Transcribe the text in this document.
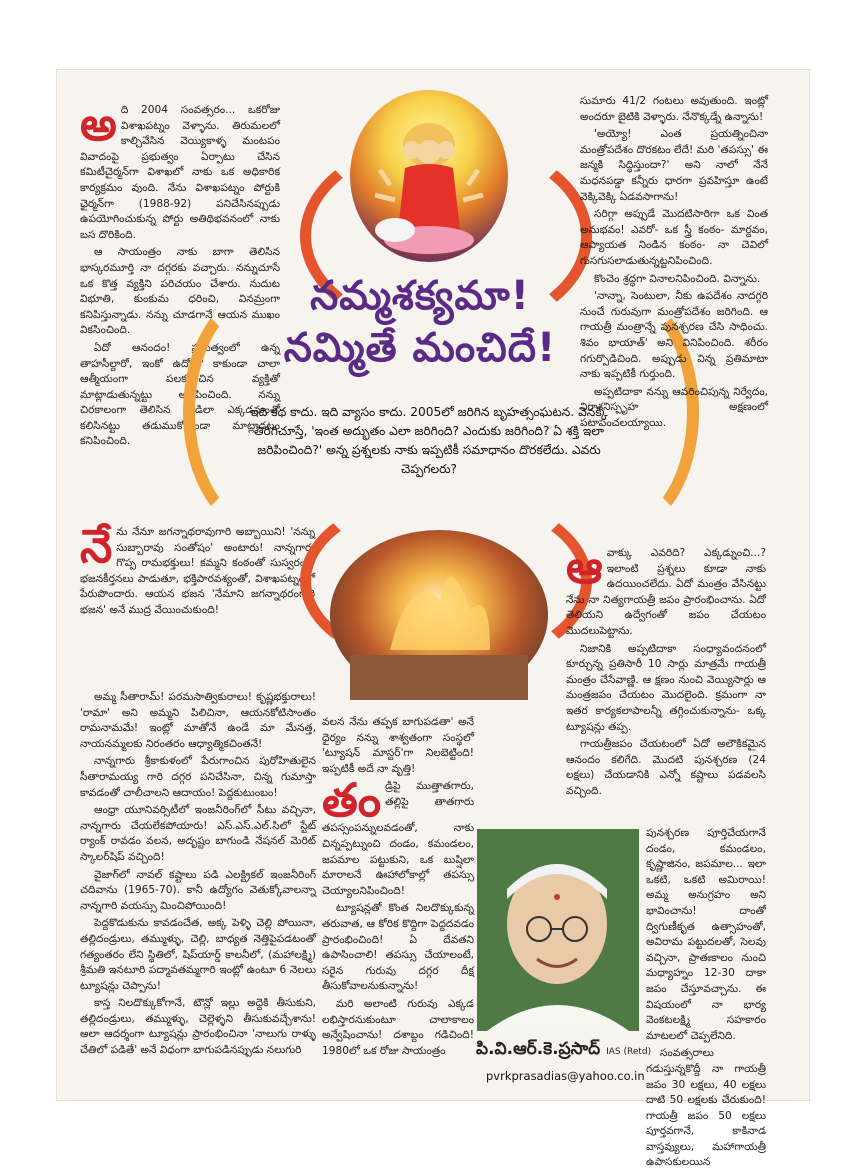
అ ది 2004 సంవత్సరం... ఒకరోజు విశాఖపట్నం వెళ్ళాను. తిరుమలలో కాల్చివేసిన వెయ్యికాళ్ళ మంటపం వివాదంపై ప్రభుత్వం ఏర్పాటు చేసిన కమిటీచైర్మన్‌గా విశాఖలో నాకు ఒక అధికారిక కార్యక్రమం వుంది. నేను విశాఖపట్నం పోర్టుకి ఛైర్మన్‌గా (1988-92) పనిచేసినప్పుడు ఉపయోగించుకున్న పోర్టు అతిథిభవనంలో నాకు బస దొరికింది.

ఆ సాయంత్రం నాకు బాగా తెలిసిన భాస్కరమూర్తి నా దగ్గరకు వచ్చారు. నన్నుచూసే ఒక కొత్త వ్యక్తిని పరిచయం చేశారు. నుదుట విభూతి, కుంకుమ ధరించి, వినమ్రంగా కనిపిస్తున్నాడు. నన్ను చూడగానే ఆయన ముఖం వికసించింది.

ఏదో ఆనందం! ప్రభుత్వంలో ఉన్న తాహసీల్దారో, ఇంకో ఉద్యోగో కాకుండా చాలా ఆత్మీయంగా పలకరించిన వ్యక్తితో మాట్లాడుతున్నట్టు అనిపించింది. నన్ను చిరకాలంగా తెలిసిన వాడిలా ఎక్కడనుంచో కలిసినట్టు తడుముకోకుండా మాట్లాడటం కనిపించింది.

నే ను నేనూ జగన్నాథరావుగారి అబ్బాయిని! 'నన్ను సుబ్బారావు సంతోషం' అంటారు! నాన్నగారు గొప్ప రామభక్తులు! కమ్మని కంఠంతో సుస్వరంగా భజనకీర్తనలు పాడుతూ, భక్తిపారవశ్యంతో, విశాఖపట్నంలో పేరుపొందారు. ఆయన భజన 'నేమాని జగన్నాథరంగారి భజన' అనే ముద్ర వేయించుకుంది!

అమ్మ సీతారామ్! పరమసాత్వికురాలు! కృష్ణభక్తురాలు! 'రామా' అని అమ్మని పిలిచినా, ఆయనకోటిసాంతం రామనామమే! ఇంట్లో మాతోనే ఉండే మా మేనత్త, నాయనమ్మలకు నిరంతరం ఆధ్యాత్మికచింతనే!

నాన్నగారు శ్రీకాకుళంలో పేరుగాంచిన పురోహితులైన సీతారామయ్య గారి దగ్గర పనిచేసినా, చిన్న గుమాస్తా కావడంతో చాలీచాలని ఆదాయం! పెద్దకుటుంబం!

ఆంధ్రా యూనివర్సిటీలో ఇంజనీరింగ్‌లో సీటు వచ్చినా, నాన్నగారు చేయలేకపోయారు! ఎస్.ఎస్.ఎల్.సిలో స్టేట్ ర్యాంక్ రావడం వలన, అదృష్టం బాగుండి నేషనల్ మెరిట్ స్కాలర్‌షిప్ వచ్చింది!

వైజాగ్‌లో నావల్ కష్టాలు పడి ఎలక్ట్రికల్ ఇంజనీరింగ్ చదివాను (1965-70). కానీ ఉద్యోగం వెతుక్కోవాలన్నా నాన్నగారి వయస్సు మించిపోయింది!

పెద్దకొడుకును కావడంచేత, అక్క పెళ్ళి చెల్లి పోయినా, తల్లిదండ్రులు, తమ్ముళ్ళు, చెల్లి, బాధ్యత నెత్తిపైపడటంతో గత్యంతరం లేని స్థితిలో, షిప్‌యార్డ్ కాలనీలో, (మహాలక్ష్మి) శ్రీమతి ఇనటూరి పద్మావతమ్మగారి ఇంట్లో ఉంటూ 6 నెలలు ట్యూషన్లు చెప్పాను!

కాస్త నిలదొక్కుకోగానే, టౌన్లో ఇల్లు అద్దెకి తీసుకుని, తల్లిదండ్రులు, తమ్ముళ్ళు, చెల్లెళ్ళని తీసుకువచ్చేశాను! అలా ఆదర్శంగా ట్యూషన్లు ప్రారంభించినా 'నాలుగు రాళ్ళు చేతిలో పడితే' అనే విధంగా బాగుపడినప్పుడు నలుగురి

నమ్మశక్యమా!
నమ్మితే మంచిదే!
ఇది కథ కాదు. ఇది వ్యాసం కాదు. 2005లో జరిగిన బృహత్సంఘటన. వెనక్కి తిరిగిచూస్తే, 'ఇంత అద్భుతం ఎలా జరిగింది? ఎందుకు జరిగింది? ఏ శక్తి ఇలా జరిపించింది?' అన్న ప్రశ్నలకు నాకు ఇప్పటికీ సమాధానం దొరకలేదు. ఎవరు చెప్పగలరు?

వలన నేను తప్పక బాగుపడతా' అనే ధైర్యం నన్ను శాశ్వతంగా సంస్థలో 'ట్యూషన్ మాస్టర్'గా నిలబెట్టింది! ఇప్పటికీ అదే నా వృత్తి!

తం డ్రిపై ముత్తాతగారు, తల్లిపై తాతగారు తపస్సంపన్నులవడంతో, నాకు చిన్నప్పట్నుంచి దండం, కమండలం, జపమాల పట్టుకుని, ఒక బుష్షిలా మారాలనే ఊహాలోకాల్లో తపస్సు చెయ్యాలనిపించింది!

ట్యూషన్లతో కొంత నిలదొక్కుకున్న తరువాత, ఆ కోరిక కొద్దిగా పెద్దదవడం ప్రారంభించింది! ఏ దేవతని ఉపాసించాలి! తపస్సు చేయాలంటే, సరైన గురువు దగ్గర దీక్ష తీసుకోవాలనుకున్నాను!

మరి అలాంటి గురువు ఎక్కడ లభిస్తారనుకుంటూ చాలాకాలం అన్వేషించాను! దశాబ్దం గడిచింది! 1980లో ఒక రోజు సాయంత్రం

సుమారు 41/2 గంటలు అవుతుంది. ఇంట్లో అందరూ బైటికి వెళ్ళారు. నేనొక్కడ్నే ఉన్నాను!

'అయ్యో! ఎంత ప్రయత్నించినా మంత్రోపదేశం దొరకటం లేదే! మరి 'తపస్సు' ఈ జన్మకి సిద్ధిస్తుందా?' అని నాలో నేనే మధనపడ్డా కన్నీరు ధారగా ప్రవహిస్తూ ఉంటే వెక్కివెక్కి ఏడవసాగాను!

సరిగ్గా అప్పుడే మొదటిసారిగా ఒక వింత అనుభవం! ఎవరో- ఒక స్త్రీ కంఠం- మార్దవం, ఆప్యాయత నిండిన కంఠం- నా చెవిలో గుసగుసలాడుతున్నట్టనిపించింది.

కొంచెం శ్రద్ధగా వినాలనిపించింది. విన్నాను.

'నాన్నా, సెంటులా, నీకు ఉపదేశం నాదగ్గరి నుంచే గురువుగా మంత్రోపదేశం జరిగింది. ఆ గాయత్రీ మంత్రాన్నే పునశ్చరణ చేసి సాధించు. శివం భాయాత్' అని వినిపించింది. శరీరం గగుర్పొడిచింది. అప్పుడు విన్న ప్రతిమాటా నాకు ఇప్పటికీ గుర్తుంది.

అప్పటిదాకా నన్ను ఆవరించిపున్న నిర్వేదం, నిరాశనిస్పృహ అక్షణంలో పటాపంచలయ్యాయి.

ఆ వాక్కు ఎవరిది? ఎక్కడ్నుంచి...? ఇలాంటి ప్రశ్నలు కూడా నాకు ఉదయించలేదు. ఏదో మంత్రం వేసినట్టు నేను నా నిత్యగాయత్రీ జపం ప్రారంభించాను. ఏదో తెలియని ఉద్వేగంతో జపం చేయటం మొదలుపెట్టాను.

నిజానికి అప్పటిదాకా సంధ్యావందనంలో కూర్చున్న ప్రతిసారీ 10 సార్లు మాత్రమే గాయత్రీ మంత్రం చేసేవాణ్ణి. ఆ క్షణం నుంచి వెయ్యిసార్లు ఆ మంత్రజపం చేయటం మొదలైంది. క్రమంగా నా ఇతర కార్యకలాపాలన్నీ తగ్గించుకున్నాను- ఒక్క ట్యూషన్లు తప్ప.

గాయత్రీజపం చేయటంలో ఏదో అలౌకికమైన ఆనందం కలిగేది. మొదటి పునశ్చరణ (24 లక్షలు) చేయడానికి ఎన్నో కష్టాలు పడవలసి వచ్చింది.

పునశ్చరణ పూర్తిచేయగానే దండం, కమండలం, కృష్ణాజినం, జపమాల... ఇలా ఒకటి, ఒకటి అమిరాయి! అమ్మ అనుగ్రహం అని భావించాను! దాంతో ద్విగుణీకృత ఉత్సాహంతో, అవిరామ పట్టుదలతో, సెలవు వచ్చినా, ప్రాతఃకాలం నుంచి మధ్యాహ్నం 12-30 దాకా జపం చేస్తూవచ్చాను. ఈ విషయంలో నా భార్య వెంకటలక్ష్మి సహకారం మాటలలో చెప్పలేనిది.

సంవత్సరాలు గడుస్తున్నకొద్దీ నా గాయత్రీ జపం 30 లక్షలు, 40 లక్షలు దాటి 50 లక్షలకు చేరుకుంది! గాయత్రీ జపం 50 లక్షలు పూర్తవగానే, కాకినాడ వాస్తవ్యులు, మహాగాయత్రీ ఉపాసకులయిన

పి.వి.ఆర్.కె.ప్రసాద్ IAS (Retd)
pvrkprasadias@yahoo.co.in
